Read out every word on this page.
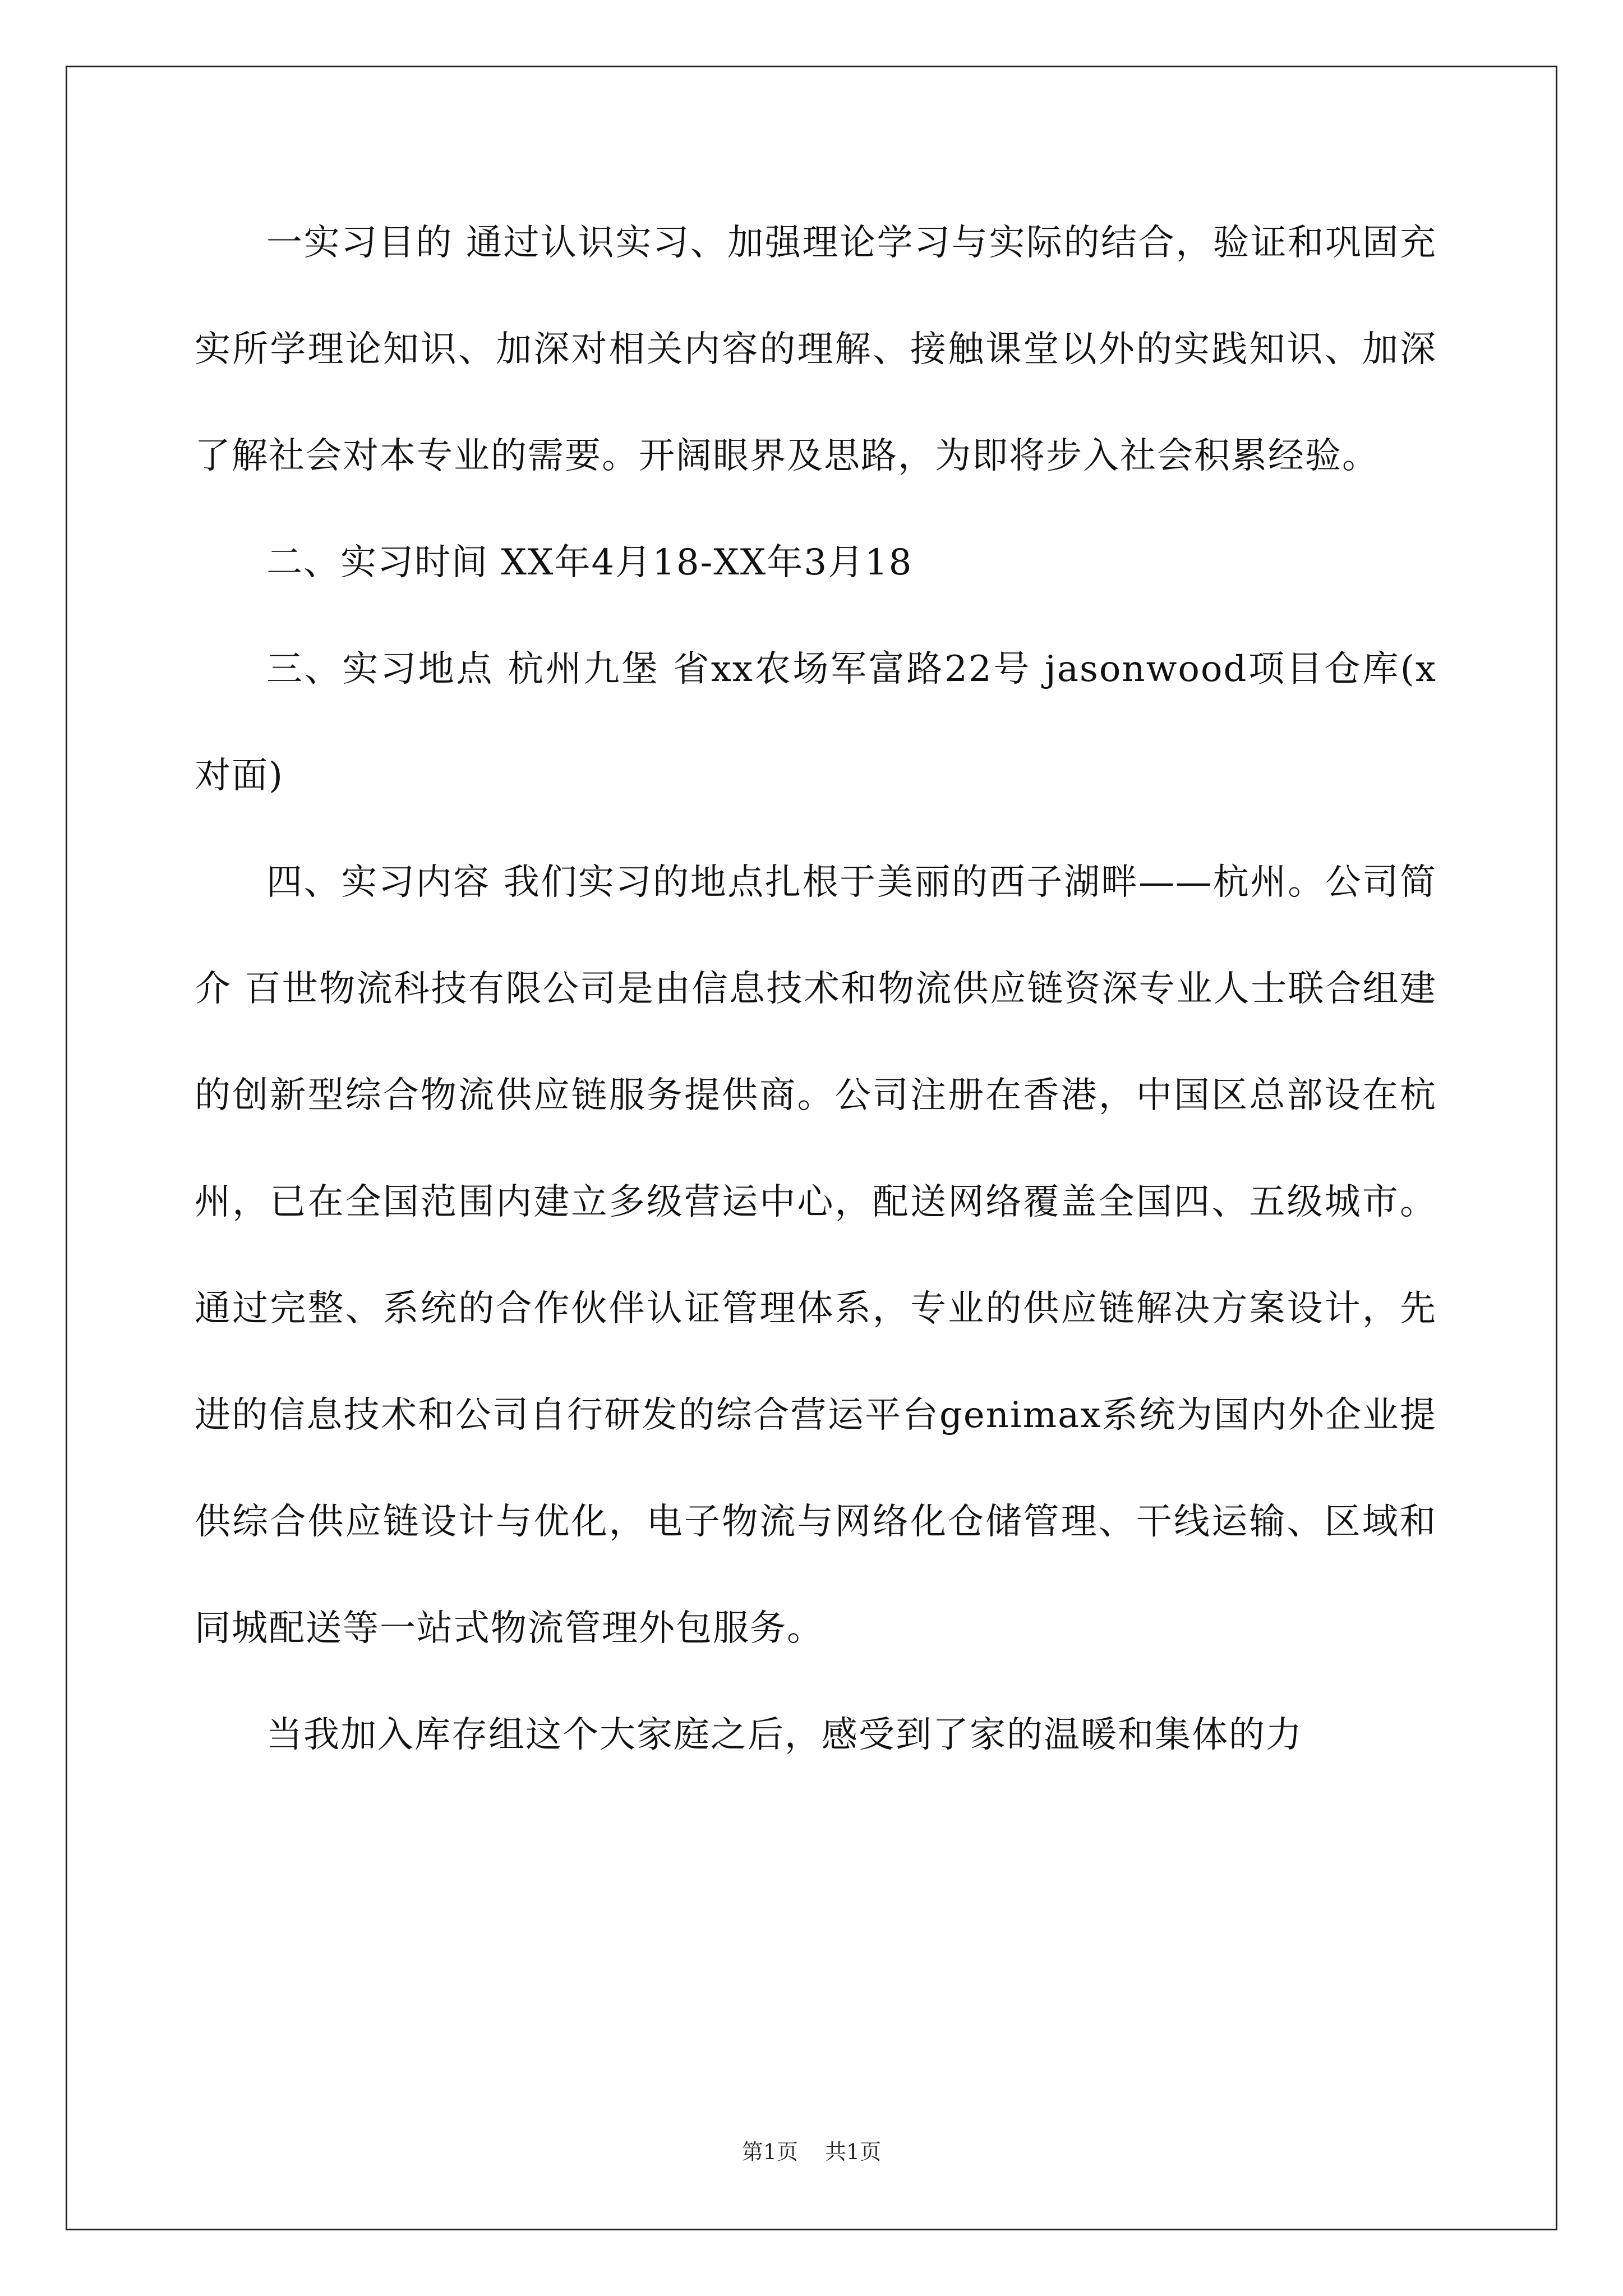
一实习目的 通过认识实习、加强理论学习与实际的结合，验证和巩固充实所学理论知识、加深对相关内容的理解、接触课堂以外的实践知识、加深了解社会对本专业的需要。开阔眼界及思路，为即将步入社会积累经验。

二、实习时间 XX年4月18-XX年3月18

三、实习地点 杭州九堡 省xx农场军富路22号 jasonwood项目仓库(x对面)

四、实习内容 我们实习的地点扎根于美丽的西子湖畔——杭州。公司简介 百世物流科技有限公司是由信息技术和物流供应链资深专业人士联合组建的创新型综合物流供应链服务提供商。公司注册在香港，中国区总部设在杭州，已在全国范围内建立多级营运中心，配送网络覆盖全国四、五级城市。通过完整、系统的合作伙伴认证管理体系，专业的供应链解决方案设计，先进的信息技术和公司自行研发的综合营运平台genimax系统为国内外企业提供综合供应链设计与优化，电子物流与网络化仓储管理、干线运输、区域和同城配送等一站式物流管理外包服务。

当我加入库存组这个大家庭之后，感受到了家的温暖和集体的力

第1页 共1页
